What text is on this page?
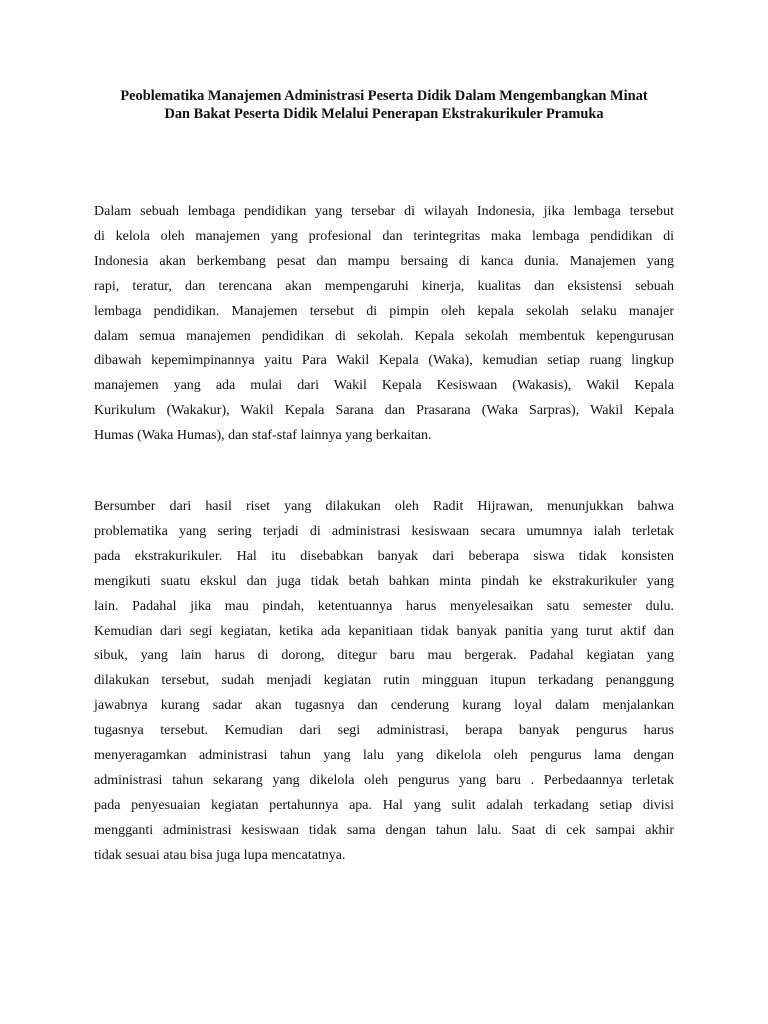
Peoblematika Manajemen Administrasi Peserta Didik Dalam Mengembangkan Minat
Dan Bakat Peserta Didik Melalui Penerapan Ekstrakurikuler Pramuka

Dalam sebuah lembaga pendidikan yang tersebar di wilayah Indonesia, jika lembaga tersebut
di kelola oleh manajemen yang profesional dan terintegritas maka lembaga pendidikan di
Indonesia akan berkembang pesat dan mampu bersaing di kanca dunia. Manajemen yang
rapi, teratur, dan terencana akan mempengaruhi kinerja, kualitas dan eksistensi sebuah
lembaga pendidikan. Manajemen tersebut di pimpin oleh kepala sekolah selaku manajer
dalam semua manajemen pendidikan di sekolah. Kepala sekolah membentuk kepengurusan
dibawah kepemimpinannya yaitu Para Wakil Kepala (Waka), kemudian setiap ruang lingkup
manajemen yang ada mulai dari Wakil Kepala Kesiswaan (Wakasis), Wakil Kepala
Kurikulum (Wakakur), Wakil Kepala Sarana dan Prasarana (Waka Sarpras), Wakil Kepala
Humas (Waka Humas), dan staf-staf lainnya yang berkaitan.

Bersumber dari hasil riset yang dilakukan oleh Radit Hijrawan, menunjukkan bahwa
problematika yang sering terjadi di administrasi kesiswaan secara umumnya ialah terletak
pada ekstrakurikuler. Hal itu disebabkan banyak dari beberapa siswa tidak konsisten
mengikuti suatu ekskul dan juga tidak betah bahkan minta pindah ke ekstrakurikuler yang
lain. Padahal jika mau pindah, ketentuannya harus menyelesaikan satu semester dulu.
Kemudian dari segi kegiatan, ketika ada kepanitiaan tidak banyak panitia yang turut aktif dan
sibuk, yang lain harus di dorong, ditegur baru mau bergerak. Padahal kegiatan yang
dilakukan tersebut, sudah menjadi kegiatan rutin mingguan itupun terkadang penanggung
jawabnya kurang sadar akan tugasnya dan cenderung kurang loyal dalam menjalankan
tugasnya tersebut. Kemudian dari segi administrasi, berapa banyak pengurus harus
menyeragamkan administrasi tahun yang lalu yang dikelola oleh pengurus lama dengan
administrasi tahun sekarang yang dikelola oleh pengurus yang baru . Perbedaannya terletak
pada penyesuaian kegiatan pertahunnya apa. Hal yang sulit adalah terkadang setiap divisi
mengganti administrasi kesiswaan tidak sama dengan tahun lalu. Saat di cek sampai akhir
tidak sesuai atau bisa juga lupa mencatatnya.
